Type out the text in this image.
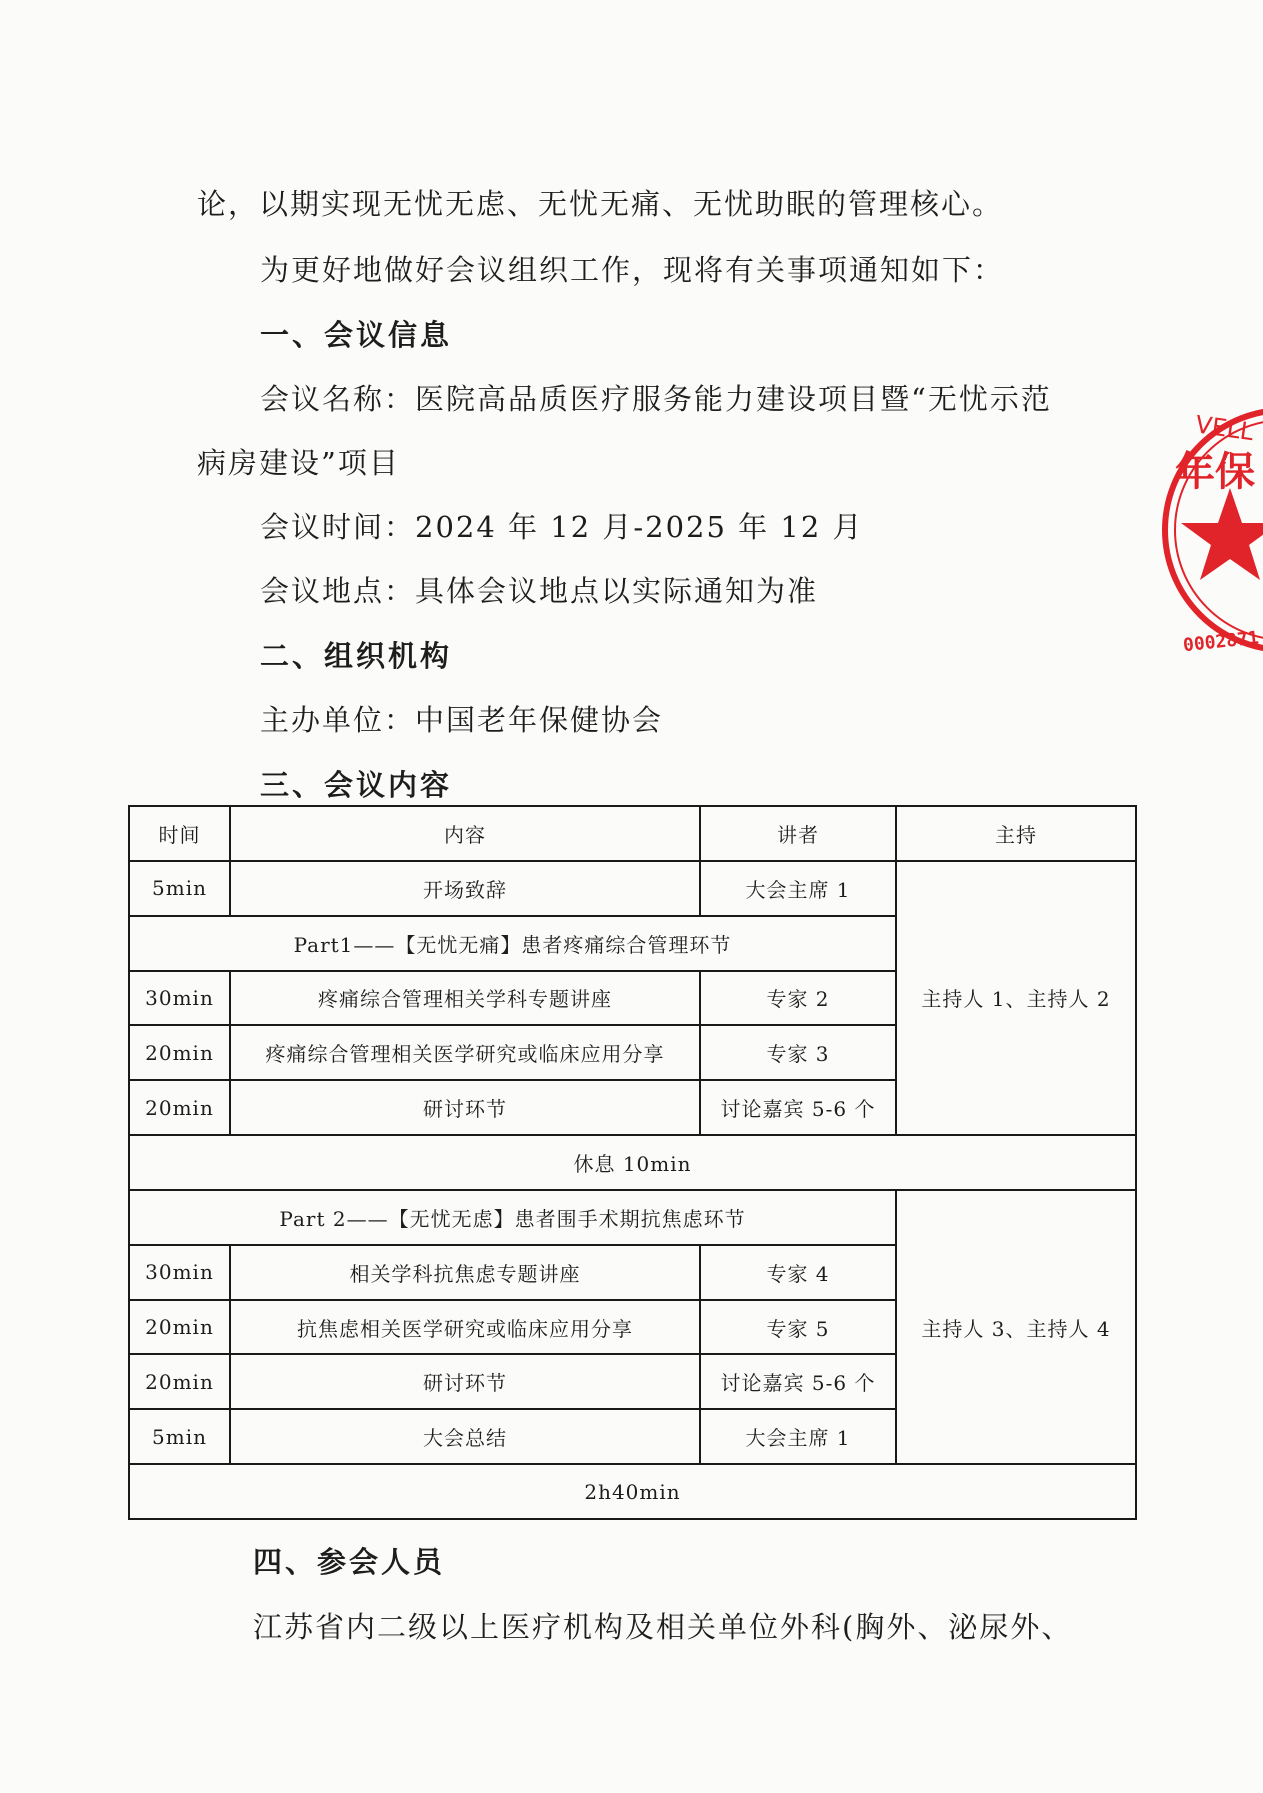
论，以期实现无忧无虑、无忧无痛、无忧助眠的管理核心。
为更好地做好会议组织工作，现将有关事项通知如下：
一、会议信息
会议名称：医院高品质医疗服务能力建设项目暨“无忧示范
病房建设”项目
会议时间：2024 年 12 月-2025 年 12 月
会议地点：具体会议地点以实际通知为准
二、组织机构
主办单位：中国老年保健协会
三、会议内容
时间	内容	讲者	主持
5min	开场致辞	大会主席 1	主持人 1、主持人 2
Part1——【无忧无痛】患者疼痛综合管理环节			
30min	疼痛综合管理相关学科专题讲座	专家 2	
20min	疼痛综合管理相关医学研究或临床应用分享	专家 3	
20min	研讨环节	讨论嘉宾 5-6 个	
休息 10min			
Part 2——【无忧无虑】患者围手术期抗焦虑环节			主持人 3、主持人 4
30min	相关学科抗焦虑专题讲座	专家 4	
20min	抗焦虑相关医学研究或临床应用分享	专家 5	
20min	研讨环节	讨论嘉宾 5-6 个	
5min	大会总结	大会主席 1	
2h40min			
四、参会人员
江苏省内二级以上医疗机构及相关单位外科(胸外、泌尿外、
VELL
年保
0002871
